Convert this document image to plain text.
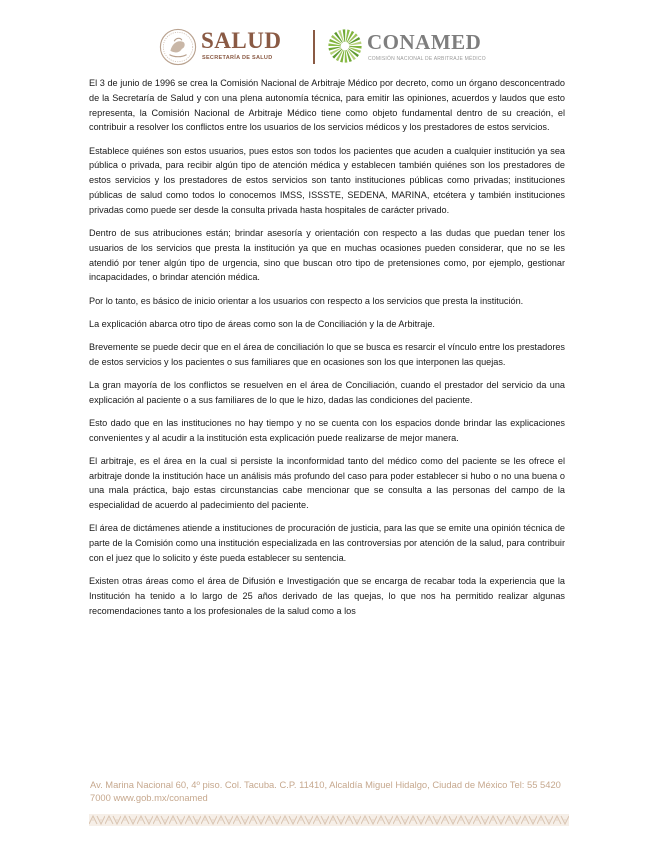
SALUD
SECRETARÍA DE SALUD
CONAMED
COMISIÓN NACIONAL DE ARBITRAJE MÉDICO

El 3 de junio de 1996 se crea la Comisión Nacional de Arbitraje Médico por decreto, como un órgano desconcentrado de la Secretaría de Salud y con una plena autonomía técnica, para emitir las opiniones, acuerdos y laudos que esto representa, la Comisión Nacional de Arbitraje Médico tiene como objeto fundamental dentro de su creación, el contribuir a resolver los conflictos entre los usuarios de los servicios médicos y los prestadores de estos servicios.

Establece quiénes son estos usuarios, pues estos son todos los pacientes que acuden a cualquier institución ya sea pública o privada, para recibir algún tipo de atención médica y establecen también quiénes son los prestadores de estos servicios y los prestadores de estos servicios son tanto instituciones públicas como privadas; instituciones públicas de salud como todos lo conocemos IMSS, ISSSTE, SEDENA, MARINA, etcétera y también instituciones privadas como puede ser desde la consulta privada hasta hospitales de carácter privado.

Dentro de sus atribuciones están; brindar asesoría y orientación con respecto a las dudas que puedan tener los usuarios de los servicios que presta la institución ya que en muchas ocasiones pueden considerar, que no se les atendió por tener algún tipo de urgencia, sino que buscan otro tipo de pretensiones como, por ejemplo, gestionar incapacidades, o brindar atención médica.

Por lo tanto, es básico de inicio orientar a los usuarios con respecto a los servicios que presta la institución.

La explicación abarca otro tipo de áreas como son la de Conciliación y la de Arbitraje.

Brevemente se puede decir que en el área de conciliación lo que se busca es resarcir el vínculo entre los prestadores de estos servicios y los pacientes o sus familiares que en ocasiones son los que interponen las quejas.

La gran mayoría de los conflictos se resuelven en el área de Conciliación, cuando el prestador del servicio da una explicación al paciente o a sus familiares de lo que le hizo, dadas las condiciones del paciente.

Esto dado que en las instituciones no hay tiempo y no se cuenta con los espacios donde brindar las explicaciones convenientes y al acudir a la institución esta explicación puede realizarse de mejor manera.

El arbitraje, es el área en la cual si persiste la inconformidad tanto del médico como del paciente se les ofrece el arbitraje donde la institución hace un análisis más profundo del caso para poder establecer si hubo o no una buena o una mala práctica, bajo estas circunstancias cabe mencionar que se consulta a las personas del campo de la especialidad de acuerdo al padecimiento del paciente.

El área de dictámenes atiende a instituciones de procuración de justicia, para las que se emite una opinión técnica de parte de la Comisión como una institución especializada en las controversias por atención de la salud, para contribuir con el juez que lo solicito y éste pueda establecer su sentencia.

Existen otras áreas como el área de Difusión e Investigación que se encarga de recabar toda la experiencia que la Institución ha tenido a lo largo de 25 años derivado de las quejas, lo que nos ha permitido realizar algunas recomendaciones tanto a los profesionales de la salud como a los

Av. Marina Nacional 60, 4º piso. Col. Tacuba. C.P. 11410, Alcaldía Miguel Hidalgo, Ciudad de México Tel: 55 5420
7000 www.gob.mx/conamed
